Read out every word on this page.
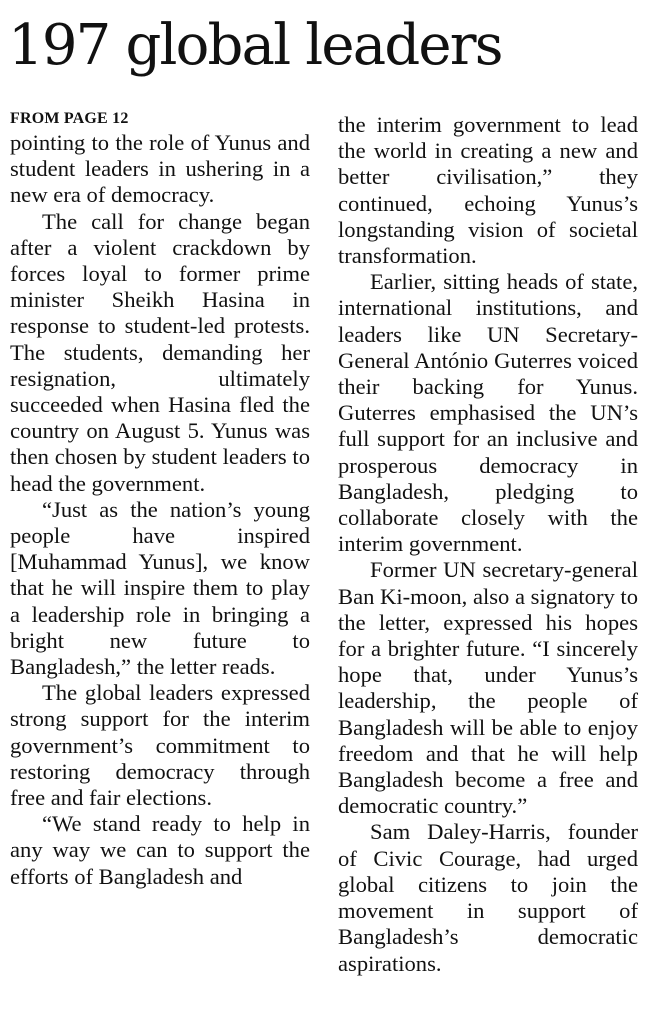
197 global leaders
FROM PAGE 12

pointing to the role of Yunus and student leaders in ushering in a new era of democracy.

The call for change began after a violent crackdown by forces loyal to former prime minister Sheikh Hasina in response to student-led protests. The students, demanding her resignation, ultimately succeeded when Hasina fled the country on August 5. Yunus was then chosen by student leaders to head the government.

“Just as the nation’s young people have inspired [Muhammad Yunus], we know that he will inspire them to play a leadership role in bringing a bright new future to Bangladesh,” the letter reads.

The global leaders expressed strong support for the interim government’s commitment to restoring democracy through free and fair elections.

“We stand ready to help in any way we can to support the efforts of Bangladesh and

the interim government to lead the world in creating a new and better civilisation,” they continued, echoing Yunus’s longstanding vision of societal transformation.

Earlier, sitting heads of state, international institutions, and leaders like UN Secretary-General António Guterres voiced their backing for Yunus. Guterres emphasised the UN’s full support for an inclusive and prosperous democracy in Bangladesh, pledging to collaborate closely with the interim government.

Former UN secretary-general Ban Ki-moon, also a signatory to the letter, expressed his hopes for a brighter future. “I sincerely hope that, under Yunus’s leadership, the people of Bangladesh will be able to enjoy freedom and that he will help Bangladesh become a free and democratic country.”

Sam Daley-Harris, founder of Civic Courage, had urged global citizens to join the movement in support of Bangladesh’s democratic aspirations.
